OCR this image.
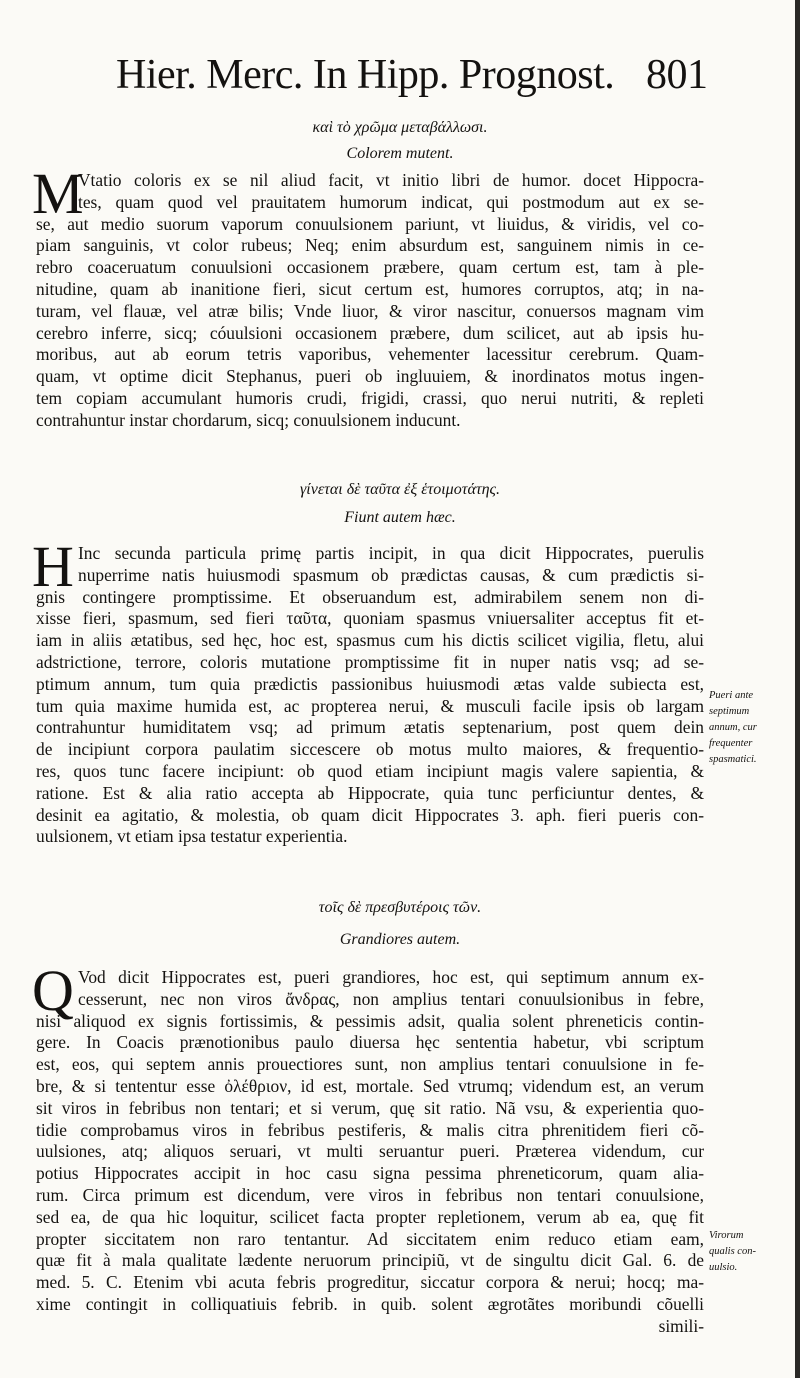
Hier. Merc. In Hipp. Prognost. 801
καὶ τὸ χρῶμα μεταβάλλωσι.
Colorem mutent.
M
Vtatio coloris ex se nil aliud facit, vt initio libri de humor. docet Hippocra-
tes, quam quod vel prauitatem humorum indicat, qui postmodum aut ex se-
se, aut medio suorum vaporum conuulsionem pariunt, vt liuidus, & viridis, vel co-
piam sanguinis, vt color rubeus; Neq; enim absurdum est, sanguinem nimis in ce-
rebro coaceruatum conuulsioni occasionem præbere, quam certum est, tam à ple-
nitudine, quam ab inanitione fieri, sicut certum est, humores corruptos, atq; in na-
turam, vel flauæ, vel atræ bilis; Vnde liuor, & viror nascitur, conuersos magnam vim
cerebro inferre, sicq; cóuulsioni occasionem præbere, dum scilicet, aut ab ipsis hu-
moribus, aut ab eorum tetris vaporibus, vehementer lacessitur cerebrum. Quam-
quam, vt optime dicit Stephanus, pueri ob ingluuiem, & inordinatos motus ingen-
tem copiam accumulant humoris crudi, frigidi, crassi, quo nerui nutriti, & repleti
contrahuntur instar chordarum, sicq; conuulsionem inducunt.
γίνεται δὲ ταῦτα ἐξ ἑτοιμοτάτης.
Fiunt autem hæc.
H Inc secunda particula primę partis incipit, in qua dicit Hippocrates, puerulis
nuperrime natis huiusmodi spasmum ob prædictas causas, & cum prædictis si-
gnis contingere promptissime. Et obseruandum est, admirabilem senem non di-
xisse fieri, spasmum, sed fieri ταῦτα, quoniam spasmus vniuersaliter acceptus fit et-
iam in aliis ætatibus, sed hęc, hoc est, spasmus cum his dictis scilicet vigilia, fletu, alui
adstrictione, terrore, coloris mutatione promptissime fit in nuper natis vsq; ad se-
ptimum annum, tum quia prædictis passionibus huiusmodi ætas valde subiecta est,
tum quia maxime humida est, ac propterea nerui, & musculi facile ipsis ob largam
contrahuntur humiditatem vsq; ad primum ætatis septenarium, post quem dein
de incipiunt corpora paulatim siccescere ob motus multo maiores, & frequentio-
res, quos tunc facere incipiunt: ob quod etiam incipiunt magis valere sapientia, &
ratione. Est & alia ratio accepta ab Hippocrate, quia tunc perficiuntur dentes, &
desinit ea agitatio, & molestia, ob quam dicit Hippocrates 3. aph. fieri pueris con-
uulsionem, vt etiam ipsa testatur experientia.
Pueri ante
septimum
annum, cur
frequenter
spasmatici.
τοῖς δὲ πρεσβυτέροις τῶν.
Grandiores autem.
Q Vod dicit Hippocrates est, pueri grandiores, hoc est, qui septimum annum ex-
cesserunt, nec non viros ἄνδρας, non amplius tentari conuulsionibus in febre,
nisi aliquod ex signis fortissimis, & pessimis adsit, qualia solent phreneticis contin-
gere. In Coacis prænotionibus paulo diuersa hęc sententia habetur, vbi scriptum
est, eos, qui septem annis prouectiores sunt, non amplius tentari conuulsione in fe-
bre, & si tententur esse ὀλέθριον, id est, mortale. Sed vtrumq; videndum est, an verum
sit viros in febribus non tentari; et si verum, quę sit ratio. Nã vsu, & experientia quo-
tidie comprobamus viros in febribus pestiferis, & malis citra phrenitidem fieri cõ-
uulsiones, atq; aliquos seruari, vt multi seruantur pueri. Præterea videndum, cur
potius Hippocrates accipit in hoc casu signa pessima phreneticorum, quam alia-
rum. Circa primum est dicendum, vere viros in febribus non tentari conuulsione,
sed ea, de qua hic loquitur, scilicet facta propter repletionem, verum ab ea, quę fit
propter siccitatem non raro tentantur. Ad siccitatem enim reduco etiam eam,
quæ fit à mala qualitate lædente neruorum principiũ, vt de singultu dicit Gal. 6. de
med. 5. C. Etenim vbi acuta febris progreditur, siccatur corpora & nerui; hocq; ma-
xime contingit in colliquatiuis febrib. in quib. solent ægrotãtes moribundi cõuelli
simili-
Virorum
qualis con-
uulsio.
